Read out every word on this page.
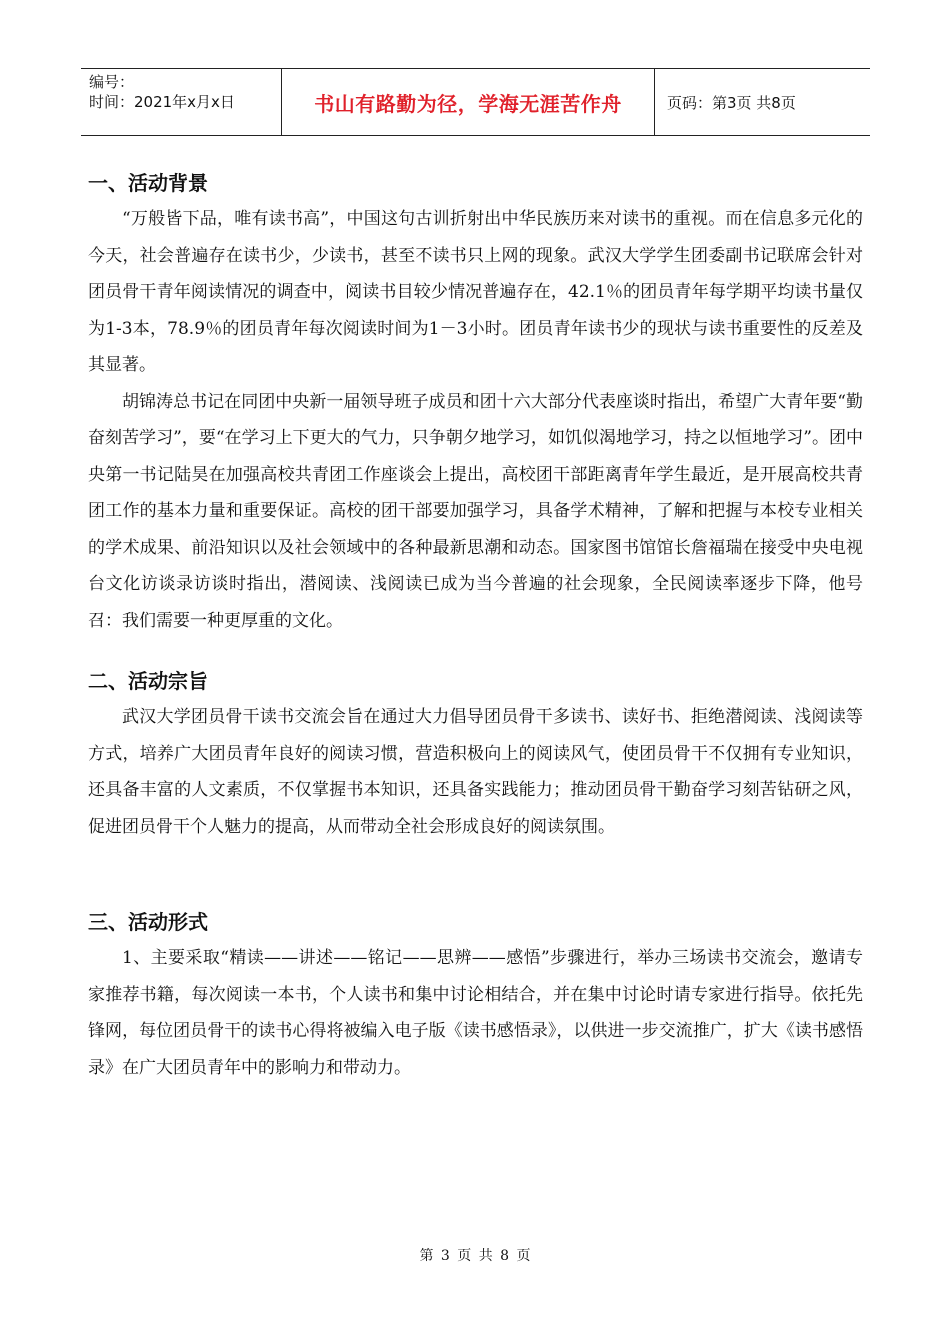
编号：
时间：2021年x月x日	书山有路勤为径，学海无涯苦作舟	页码：第3页 共8页
一、活动背景

“万般皆下品，唯有读书高”，中国这句古训折射出中华民族历来对读书的重视。而在信息多元化的今天，社会普遍存在读书少，少读书，甚至不读书只上网的现象。武汉大学学生团委副书记联席会针对团员骨干青年阅读情况的调查中，阅读书目较少情况普遍存在，42.1％的团员青年每学期平均读书量仅为1-3本，78.9％的团员青年每次阅读时间为1－3小时。团员青年读书少的现状与读书重要性的反差及其显著。

胡锦涛总书记在同团中央新一届领导班子成员和团十六大部分代表座谈时指出，希望广大青年要“勤奋刻苦学习”，要“在学习上下更大的气力，只争朝夕地学习，如饥似渴地学习，持之以恒地学习”。团中央第一书记陆昊在加强高校共青团工作座谈会上提出，高校团干部距离青年学生最近，是开展高校共青团工作的基本力量和重要保证。高校的团干部要加强学习，具备学术精神，了解和把握与本校专业相关的学术成果、前沿知识以及社会领域中的各种最新思潮和动态。国家图书馆馆长詹福瑞在接受中央电视台文化访谈录访谈时指出，潜阅读、浅阅读已成为当今普遍的社会现象，全民阅读率逐步下降，他号召：我们需要一种更厚重的文化。

二、活动宗旨

武汉大学团员骨干读书交流会旨在通过大力倡导团员骨干多读书、读好书、拒绝潜阅读、浅阅读等方式，培养广大团员青年良好的阅读习惯，营造积极向上的阅读风气，使团员骨干不仅拥有专业知识，还具备丰富的人文素质，不仅掌握书本知识，还具备实践能力；推动团员骨干勤奋学习刻苦钻研之风，促进团员骨干个人魅力的提高，从而带动全社会形成良好的阅读氛围。

三、活动形式

1、主要采取“精读——讲述——铭记——思辨——感悟”步骤进行，举办三场读书交流会，邀请专家推荐书籍，每次阅读一本书，个人读书和集中讨论相结合，并在集中讨论时请专家进行指导。依托先锋网，每位团员骨干的读书心得将被编入电子版《读书感悟录》，以供进一步交流推广，扩大《读书感悟录》在广大团员青年中的影响力和带动力。

第 3 页 共 8 页
